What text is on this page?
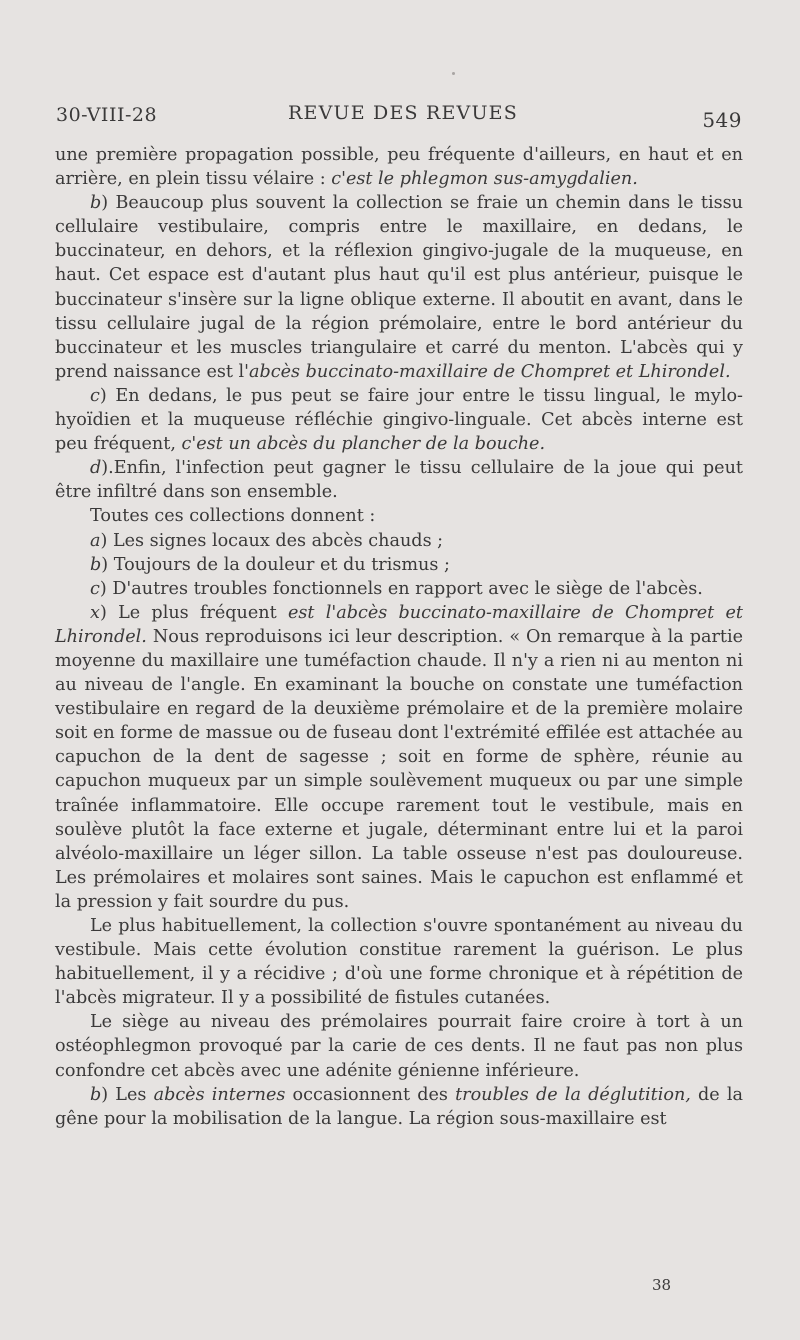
30-VIII-28	REVUE DES REVUES	549

une première propagation possible, peu fréquente d'ailleurs, en haut et en arrière, en plein tissu vélaire : c'est le phlegmon sus-amygdalien.

b) Beaucoup plus souvent la collection se fraie un chemin dans le tissu cellulaire vestibulaire, compris entre le maxillaire, en dedans, le buccinateur, en dehors, et la réflexion gingivo-jugale de la muqueuse, en haut. Cet espace est d'autant plus haut qu'il est plus antérieur, puisque le buccinateur s'insère sur la ligne oblique externe. Il aboutit en avant, dans le tissu cellulaire jugal de la région prémolaire, entre le bord antérieur du buccinateur et les muscles triangulaire et carré du menton. L'abcès qui y prend naissance est l'abcès buccinato-maxillaire de Chompret et Lhirondel.

c) En dedans, le pus peut se faire jour entre le tissu lingual, le mylo-hyoïdien et la muqueuse réfléchie gingivo-linguale. Cet abcès interne est peu fréquent, c'est un abcès du plancher de la bouche.

d).Enfin, l'infection peut gagner le tissu cellulaire de la joue qui peut être infiltré dans son ensemble.

Toutes ces collections donnent :

a) Les signes locaux des abcès chauds ;

b) Toujours de la douleur et du trismus ;

c) D'autres troubles fonctionnels en rapport avec le siège de l'abcès.

x) Le plus fréquent est l'abcès buccinato-maxillaire de Chompret et Lhirondel. Nous reproduisons ici leur description. « On remarque à la partie moyenne du maxillaire une tuméfaction chaude. Il n'y a rien ni au menton ni au niveau de l'angle. En examinant la bouche on constate une tuméfaction vestibulaire en regard de la deuxième prémolaire et de la première molaire soit en forme de massue ou de fuseau dont l'extrémité effilée est attachée au capuchon de la dent de sagesse ; soit en forme de sphère, réunie au capuchon muqueux par un simple soulèvement muqueux ou par une simple traînée inflammatoire. Elle occupe rarement tout le vestibule, mais en soulève plutôt la face externe et jugale, déterminant entre lui et la paroi alvéolo-maxillaire un léger sillon. La table osseuse n'est pas douloureuse. Les prémolaires et molaires sont saines. Mais le capuchon est enflammé et la pression y fait sourdre du pus.

Le plus habituellement, la collection s'ouvre spontanément au niveau du vestibule. Mais cette évolution constitue rarement la guérison. Le plus habituellement, il y a récidive ; d'où une forme chronique et à répétition de l'abcès migrateur. Il y a possibilité de fistules cutanées.

Le siège au niveau des prémolaires pourrait faire croire à tort à un ostéophlegmon provoqué par la carie de ces dents. Il ne faut pas non plus confondre cet abcès avec une adénite génienne inférieure.

b) Les abcès internes occasionnent des troubles de la déglutition, de la gêne pour la mobilisation de la langue. La région sous-maxillaire est

38
